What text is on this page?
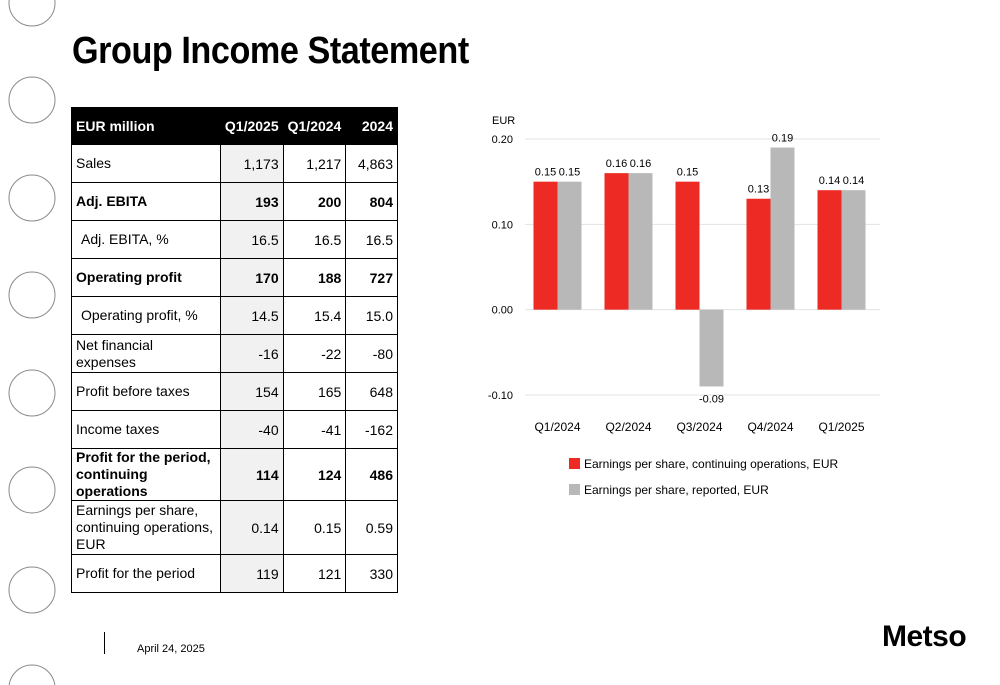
Group Income Statement
EUR million	Q1/2025	Q1/2024	2024
Sales	1,173	1,217	4,863
Adj. EBITA	193	200	804
Adj. EBITA, %	16.5	16.5	16.5
Operating profit	170	188	727
Operating profit, %	14.5	15.4	15.0
Net financial expenses	-16	-22	-80
Profit before taxes	154	165	648
Income taxes	-40	-41	-162
Profit for the period, continuing operations	114	124	486
Earnings per share, continuing operations, EUR	0.14	0.15	0.59
Profit for the period	119	121	330
0.20
0.10
0.00
-0.10
EUR
0.15 0.15
Q1/2024
0.16 0.16
Q2/2024
0.15
-0.09
Q3/2024
0.13
0.19
Q4/2024
0.14 0.14
Q1/2025
Earnings per share, continuing operations, EUR
Earnings per share, reported, EUR
April 24, 2025	Metso
